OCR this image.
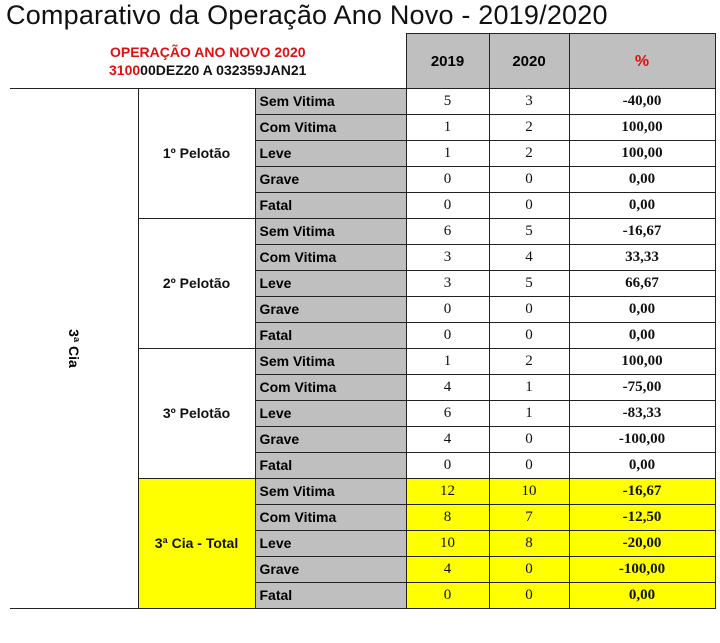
Comparativo da Operação Ano Novo - 2019/2020
OPERAÇÃO ANO NOVO 2020
310000DEZ20 A 032359JAN21			2019	2020	%
3ª Cia	1º Pelotão	Sem Vitima	5	3	-40,00
		Com Vitima	1	2	100,00
		Leve	1	2	100,00
		Grave	0	0	0,00
		Fatal	0	0	0,00
	2º Pelotão	Sem Vitima	6	5	-16,67
		Com Vitima	3	4	33,33
		Leve	3	5	66,67
		Grave	0	0	0,00
		Fatal	0	0	0,00
	3º Pelotão	Sem Vitima	1	2	100,00
		Com Vitima	4	1	-75,00
		Leve	6	1	-83,33
		Grave	4	0	-100,00
		Fatal	0	0	0,00
	3ª Cia - Total	Sem Vitima	12	10	-16,67
		Com Vitima	8	7	-12,50
		Leve	10	8	-20,00
		Grave	4	0	-100,00
		Fatal	0	0	0,00
